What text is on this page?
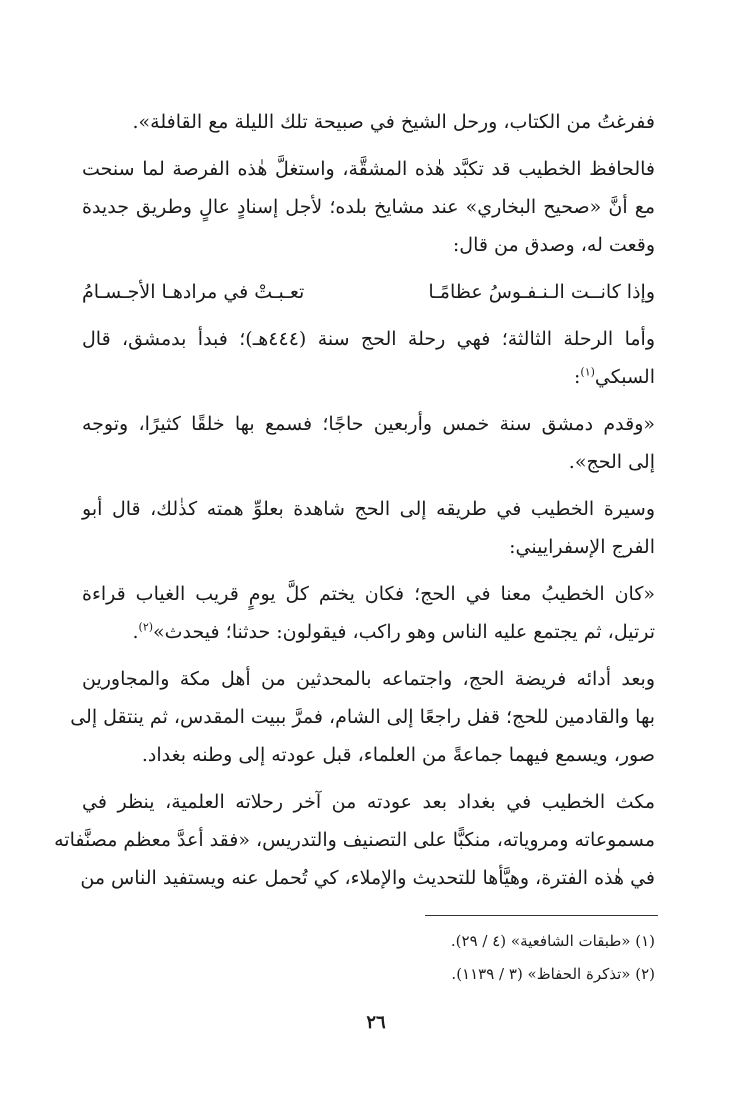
ففرغتُ من الكتاب، ورحل الشيخ في صبيحة تلك الليلة مع القافلة».
فالحافظ الخطيب قد تكبَّد هٰذه المشقَّة، واستغلَّ هٰذه الفرصة لما سنحت
مع أنَّ «صحيح البخاري» عند مشايخ بلده؛ لأجل إسنادٍ عالٍ وطريق جديدة
وقعت له، وصدق من قال:
وإذا كانــت الـنـفـوسُ عظامًـا
تعـبـتْ في مرادهـا الأجـسـامُ
وأما الرحلة الثالثة؛ فهي رحلة الحج سنة (٤٤٤هـ)؛ فبدأ بدمشق، قال
السبكي$^{(١)}$:
«وقدم دمشق سنة خمس وأربعين حاجًا؛ فسمع بها خلقًا كثيرًا، وتوجه
إلى الحج».
وسيرة الخطيب في طريقه إلى الحج شاهدة بعلوِّ همته كذٰلك، قال أبو
الفرج الإسفراييني:
«كان الخطيبُ معنا في الحج؛ فكان يختم كلَّ يومٍ قريب الغياب قراءة
ترتيل، ثم يجتمع عليه الناس وهو راكب، فيقولون: حدثنا؛ فيحدث»$^{(٢)}$.
وبعد أدائه فريضة الحج، واجتماعه بالمحدثين من أهل مكة والمجاورين
بها والقادمين للحج؛ قفل راجعًا إلى الشام، فمرَّ ببيت المقدس، ثم ينتقل إلى
صور، ويسمع فيهما جماعةً من العلماء، قبل عودته إلى وطنه بغداد.
مكث الخطيب في بغداد بعد عودته من آخر رحلاته العلمية، ينظر في
مسموعاته ومروياته، منكبًّا على التصنيف والتدريس، «فقد أعدَّ معظم مصنَّفاته
في هٰذه الفترة، وهيَّأها للتحديث والإملاء، كي تُحمل عنه ويستفيد الناس من
(١) «طبقات الشافعية» (٤ / ٢٩).
(٢) «تذكرة الحفاظ» (٣ / ١١٣٩).
٢٦
